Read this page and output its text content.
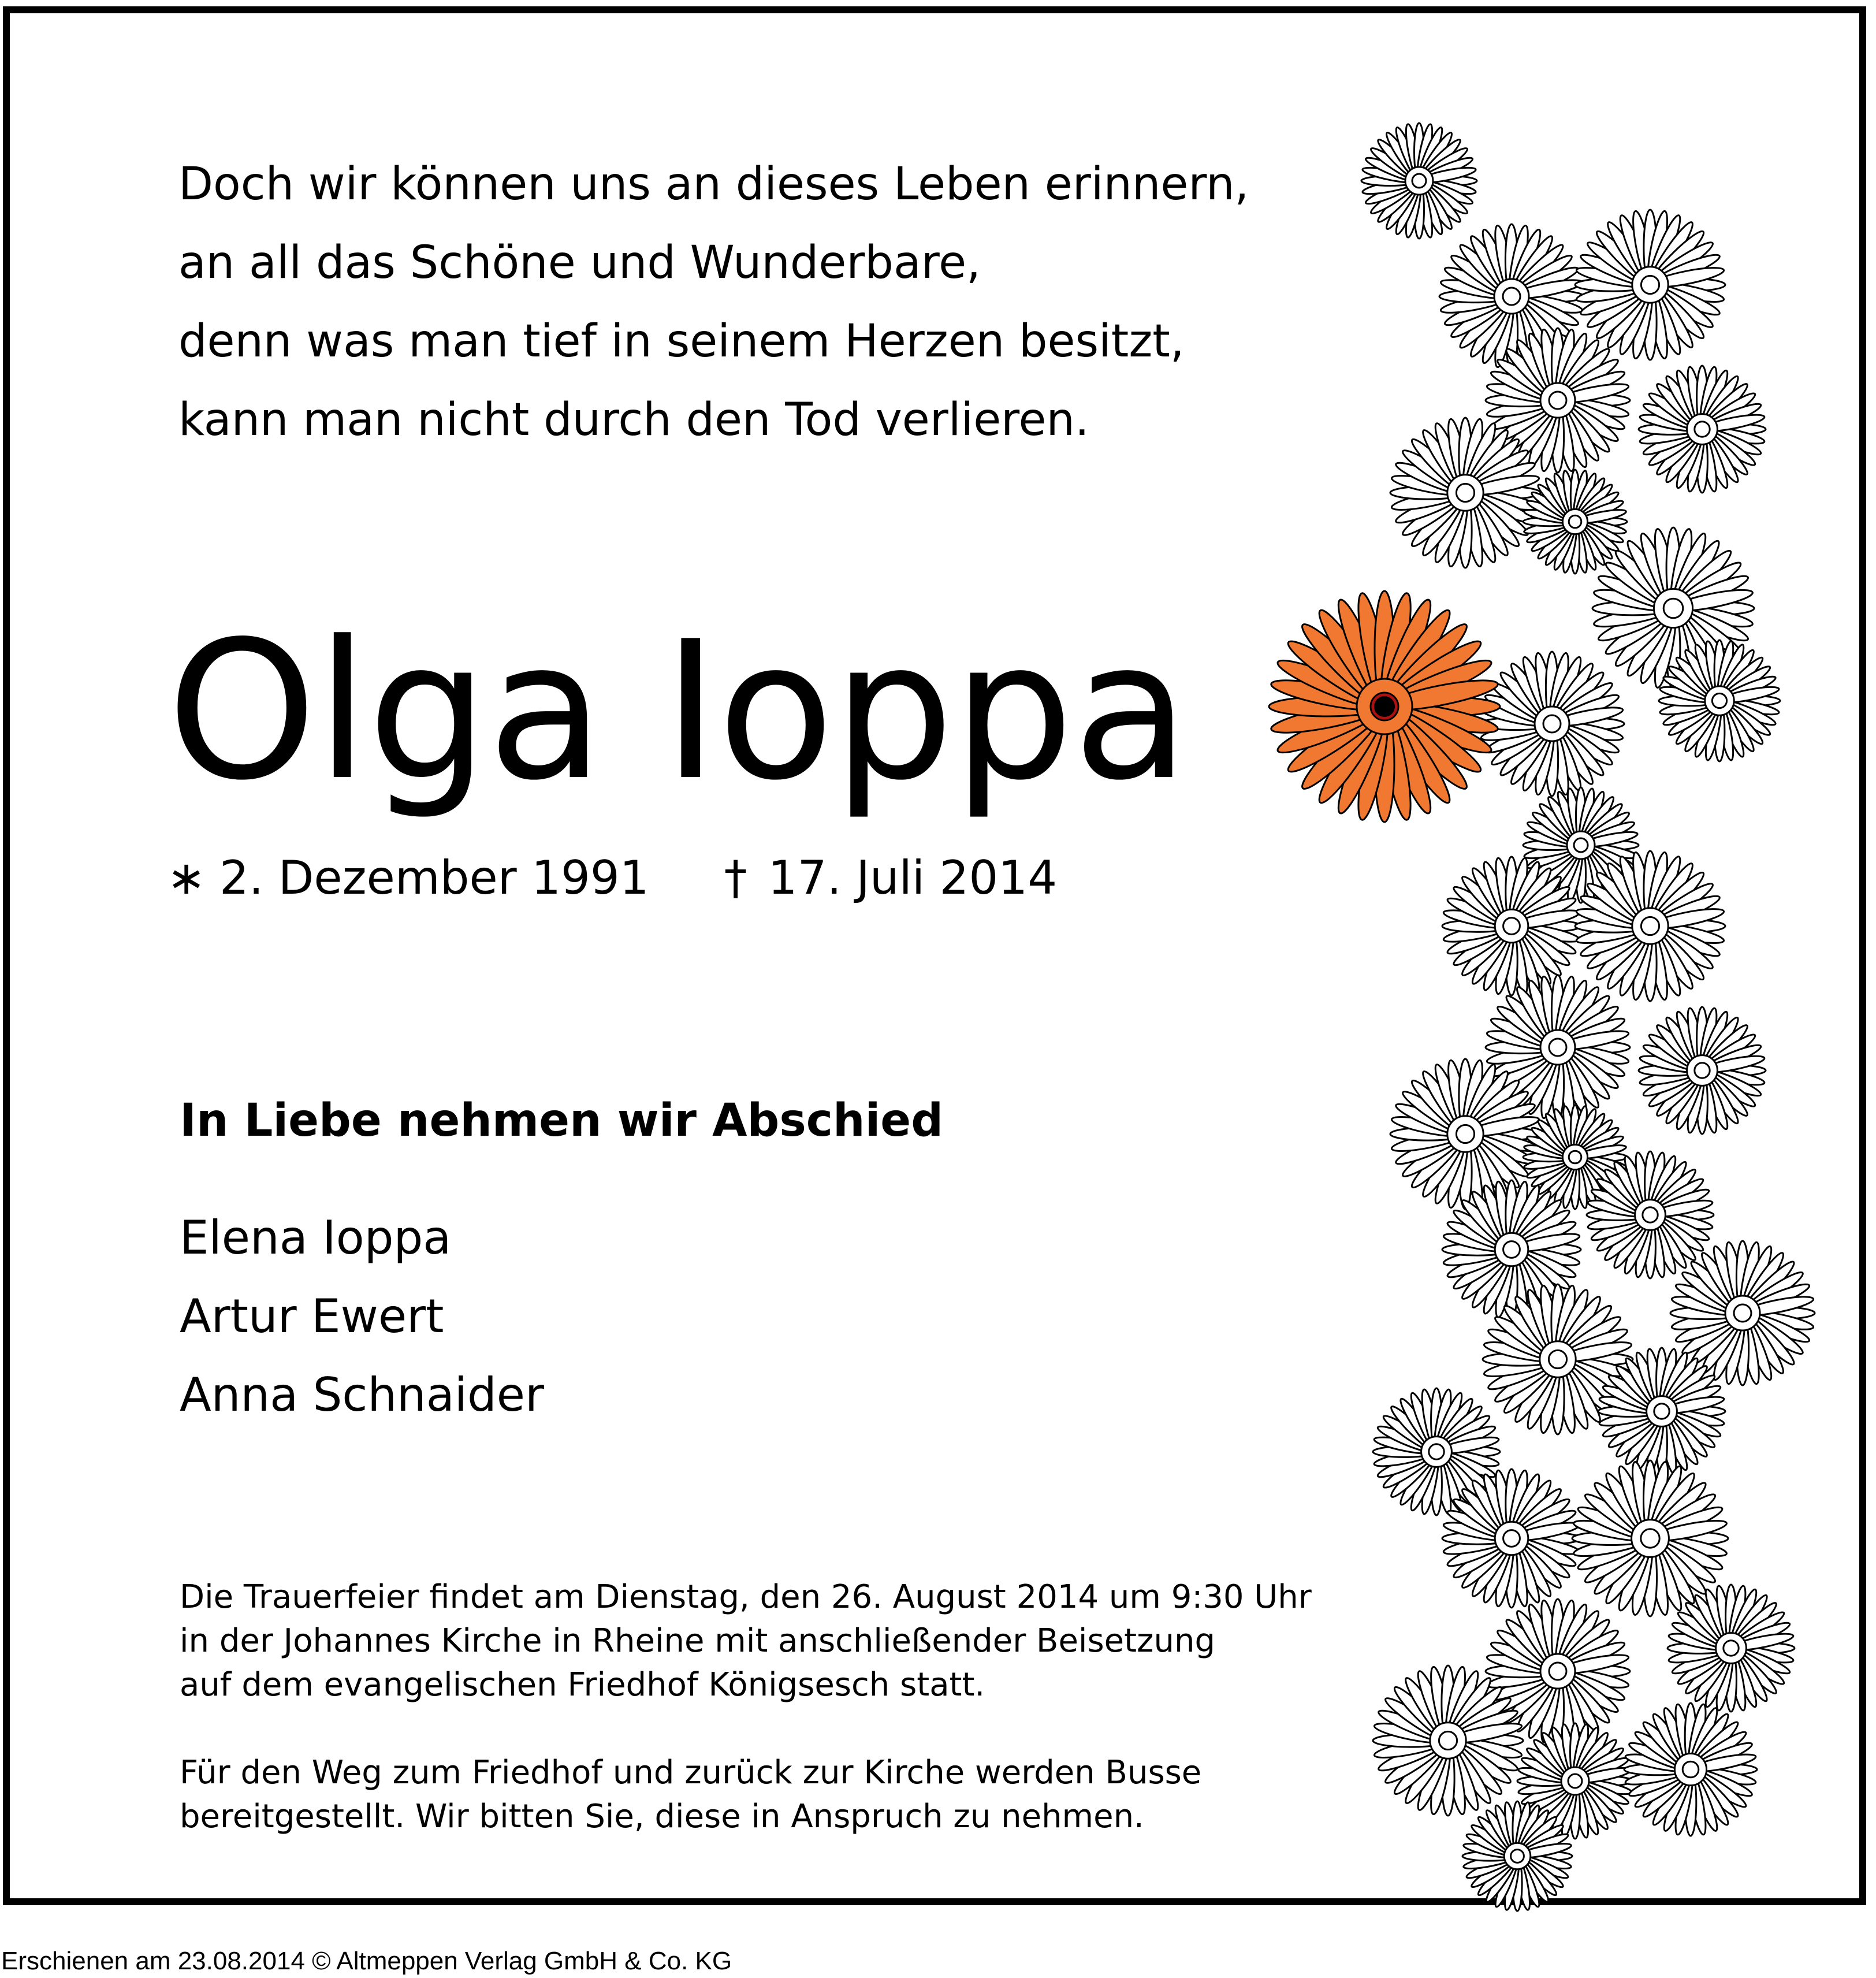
Doch wir können uns an dieses Leben erinnern,
an all das Schöne und Wunderbare,
denn was man tief in seinem Herzen besitzt,
kann man nicht durch den Tod verlieren.
Olga Ioppa
∗ 2. Dezember 1991 † 17. Juli 2014
In Liebe nehmen wir Abschied
Elena Ioppa
Artur Ewert
Anna Schnaider
Die Trauerfeier findet am Dienstag, den 26. August 2014 um 9:30 Uhr
in der Johannes Kirche in Rheine mit anschließender Beisetzung
auf dem evangelischen Friedhof Königsesch statt.
Für den Weg zum Friedhof und zurück zur Kirche werden Busse
bereitgestellt. Wir bitten Sie, diese in Anspruch zu nehmen.
Erschienen am 23.08.2014 © Altmeppen Verlag GmbH & Co. KG
